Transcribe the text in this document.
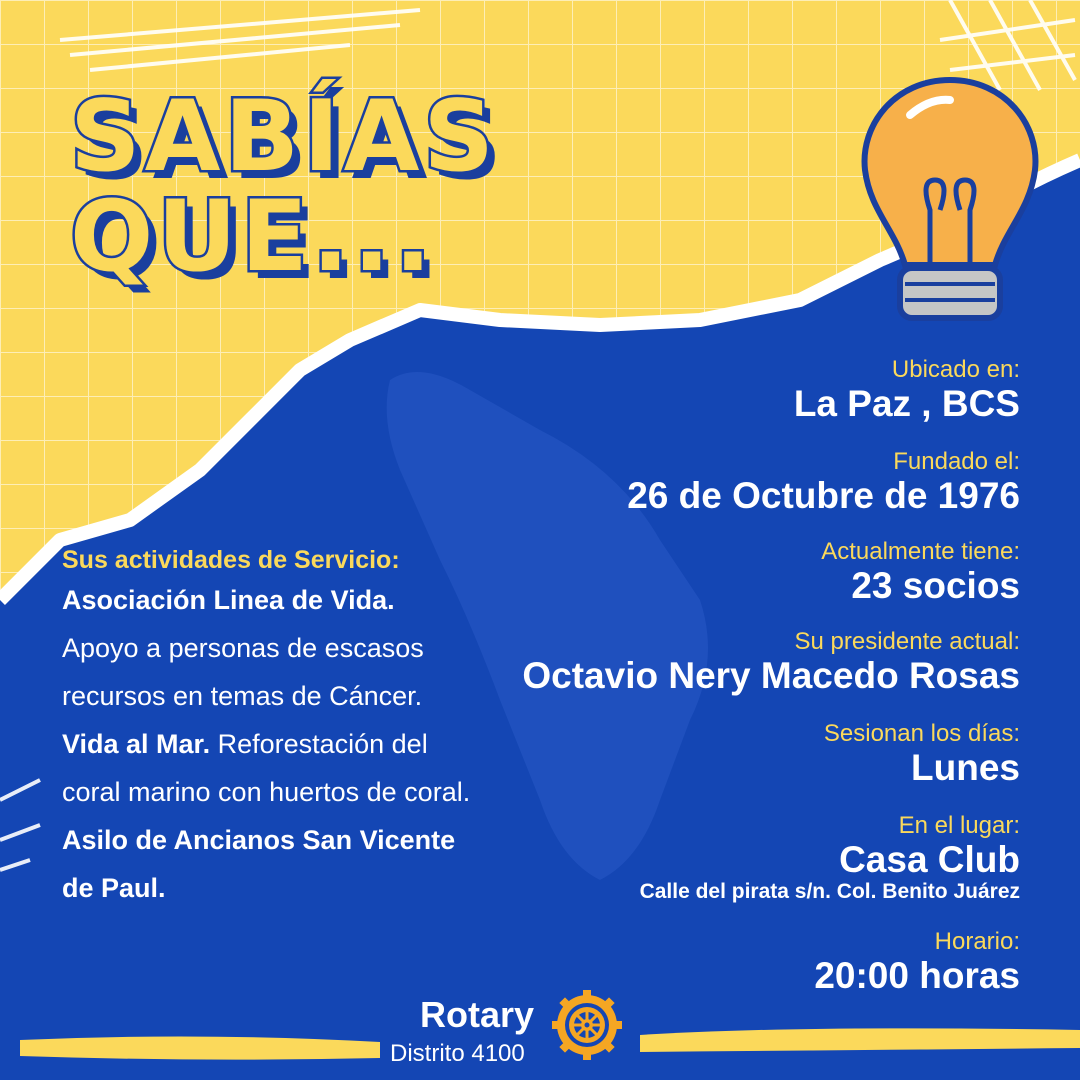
SABÍAS
QUE...
Ubicado en:
La Paz , BCS
Fundado el:
26 de Octubre de 1976
Actualmente tiene:
23 socios
Su presidente actual:
Octavio Nery Macedo Rosas
Sesionan los días:
Lunes
En el lugar:
Casa Club
Calle del pirata s/n. Col. Benito Juárez
Horario:
20:00 horas
Sus actividades de Servicio:
Asociación Linea de Vida. Apoyo a personas de escasos recursos en temas de Cáncer.
Vida al Mar. Reforestación del coral marino con huertos de coral.
Asilo de Ancianos San Vicente de Paul.
Rotary
Distrito 4100
